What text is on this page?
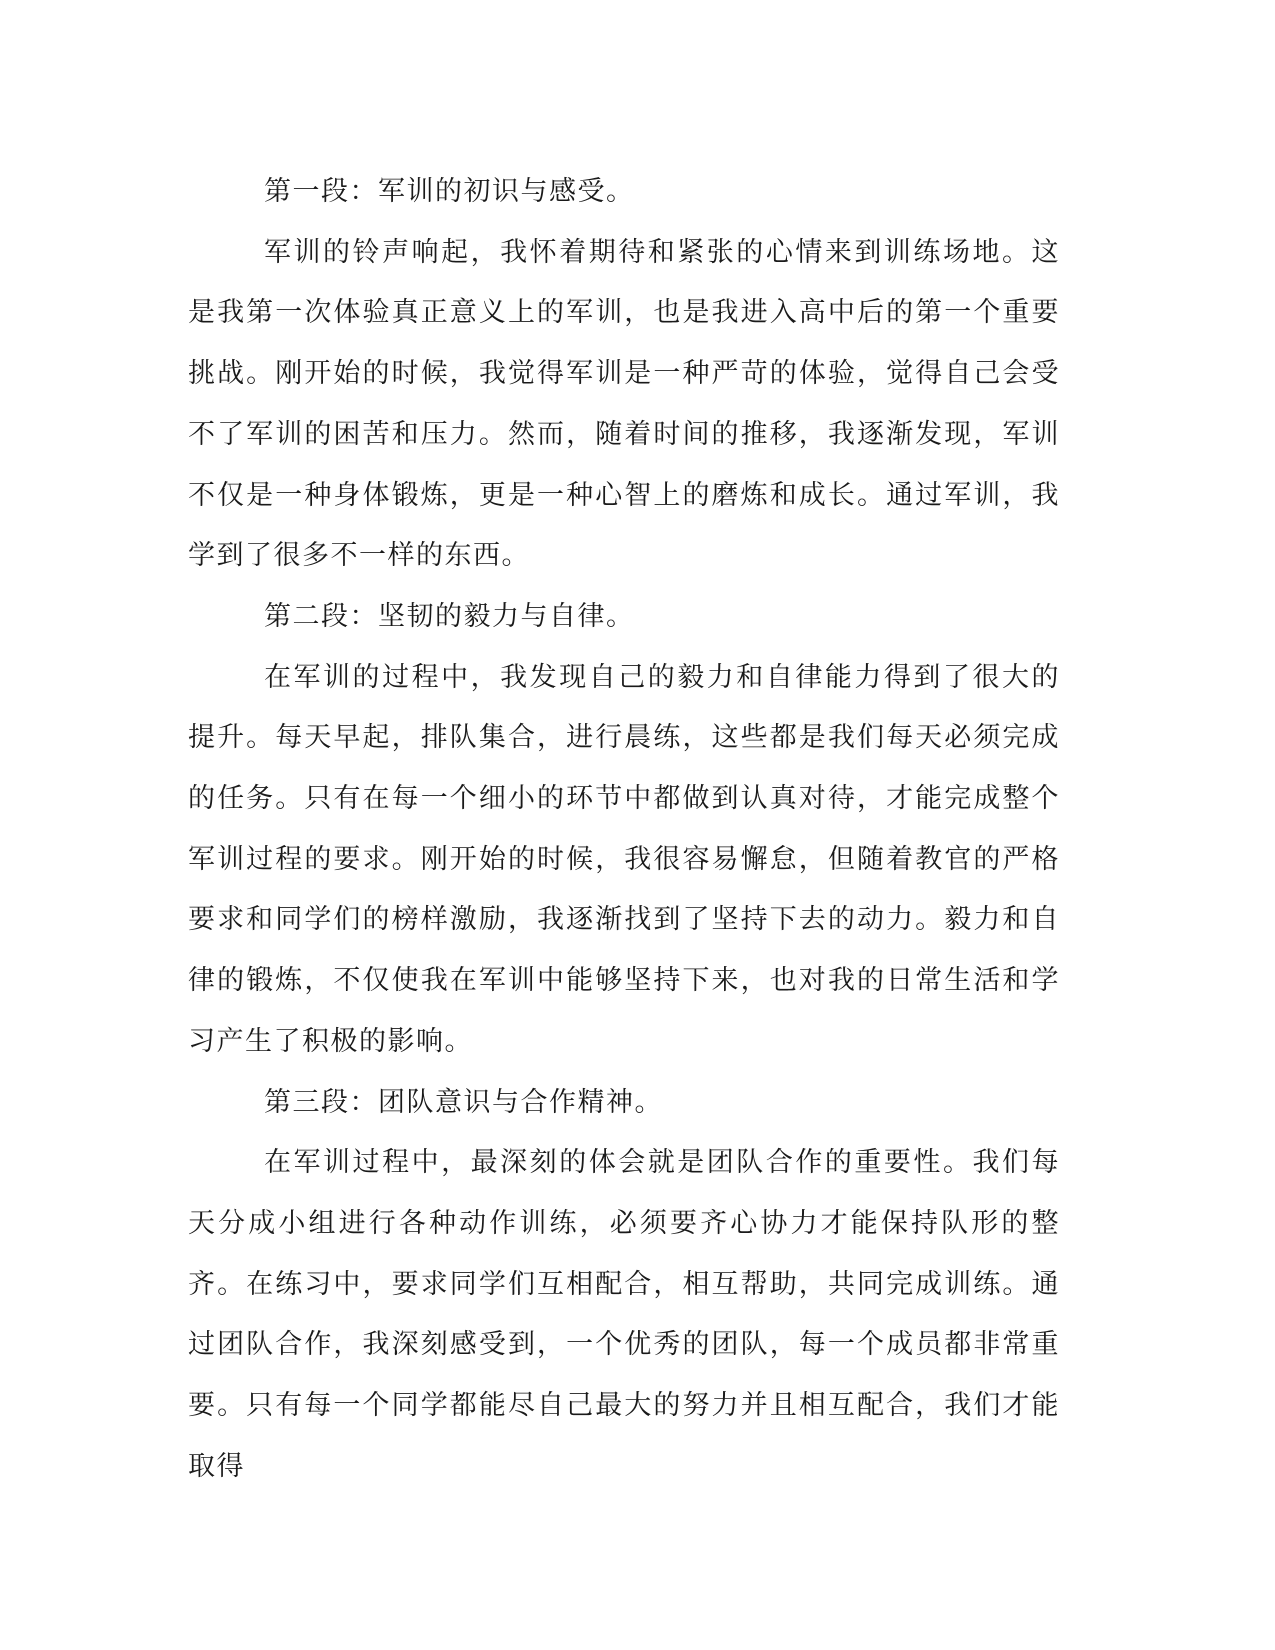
第一段：军训的初识与感受。

军训的铃声响起，我怀着期待和紧张的心情来到训练场地。这是我第一次体验真正意义上的军训，也是我进入高中后的第一个重要挑战。刚开始的时候，我觉得军训是一种严苛的体验，觉得自己会受不了军训的困苦和压力。然而，随着时间的推移，我逐渐发现，军训不仅是一种身体锻炼，更是一种心智上的磨炼和成长。通过军训，我学到了很多不一样的东西。

第二段：坚韧的毅力与自律。

在军训的过程中，我发现自己的毅力和自律能力得到了很大的提升。每天早起，排队集合，进行晨练，这些都是我们每天必须完成的任务。只有在每一个细小的环节中都做到认真对待，才能完成整个军训过程的要求。刚开始的时候，我很容易懈怠，但随着教官的严格要求和同学们的榜样激励，我逐渐找到了坚持下去的动力。毅力和自律的锻炼，不仅使我在军训中能够坚持下来，也对我的日常生活和学习产生了积极的影响。

第三段：团队意识与合作精神。

在军训过程中，最深刻的体会就是团队合作的重要性。我们每天分成小组进行各种动作训练，必须要齐心协力才能保持队形的整齐。在练习中，要求同学们互相配合，相互帮助，共同完成训练。通过团队合作，我深刻感受到，一个优秀的团队，每一个成员都非常重要。只有每一个同学都能尽自己最大的努力并且相互配合，我们才能取得
